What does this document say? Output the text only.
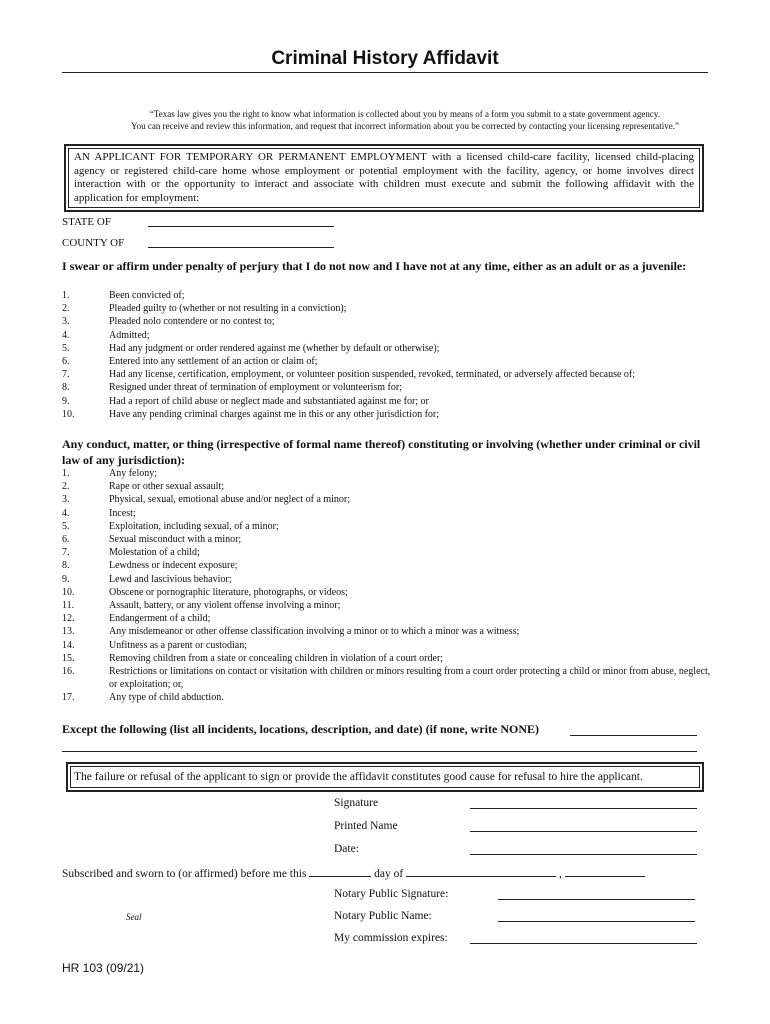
Criminal History Affidavit
“Texas law gives you the right to know what information is collected about you by means of a form you submit to a state government agency.
You can receive and review this information, and request that incorrect information about you be corrected by contacting your licensing representative.”
AN APPLICANT FOR TEMPORARY OR PERMANENT EMPLOYMENT with a licensed child-care facility, licensed child-placing agency or registered child-care home whose employment or potential employment with the facility, agency, or home involves direct interaction with or the opportunity to interact and associate with children must execute and submit the following affidavit with the application for employment:
STATE OF
COUNTY OF
I swear or affirm under penalty of perjury that I do not now and I have not at any time, either as an adult or as a juvenile:
1.	Been convicted of;
2.	Pleaded guilty to (whether or not resulting in a conviction);
3.	Pleaded nolo contendere or no contest to;
4.	Admitted;
5.	Had any judgment or order rendered against me (whether by default or otherwise);
6.	Entered into any settlement of an action or claim of;
7.	Had any license, certification, employment, or volunteer position suspended, revoked, terminated, or adversely affected because of;
8.	Resigned under threat of termination of employment or volunteerism for;
9.	Had a report of child abuse or neglect made and substantiated against me for; or
10.	Have any pending criminal charges against me in this or any other jurisdiction for;
Any conduct, matter, or thing (irrespective of formal name thereof) constituting or involving (whether under criminal or civil law of any jurisdiction):
1.	Any felony;
2.	Rape or other sexual assault;
3.	Physical, sexual, emotional abuse and/or neglect of a minor;
4.	Incest;
5.	Exploitation, including sexual, of a minor;
6.	Sexual misconduct with a minor;
7.	Molestation of a child;
8.	Lewdness or indecent exposure;
9.	Lewd and lascivious behavior;
10.	Obscene or pornographic literature, photographs, or videos;
11.	Assault, battery, or any violent offense involving a minor;
12.	Endangerment of a child;
13.	Any misdemeanor or other offense classification involving a minor or to which a minor was a witness;
14.	Unfitness as a parent or custodian;
15.	Removing children from a state or concealing children in violation of a court order;
16.	Restrictions or limitations on contact or visitation with children or minors resulting from a court order protecting a child or minor from abuse, neglect, or exploitation; or,
17.	Any type of child abduction.
Except the following (list all incidents, locations, description, and date) (if none, write NONE)
The failure or refusal of the applicant to sign or provide the affidavit constitutes good cause for refusal to hire the applicant.
Signature
Printed Name
Date:
Subscribed and sworn to (or affirmed) before me this	day of	,
Notary Public Signature:
Seal	Notary Public Name:
My commission expires:
HR 103 (09/21)
